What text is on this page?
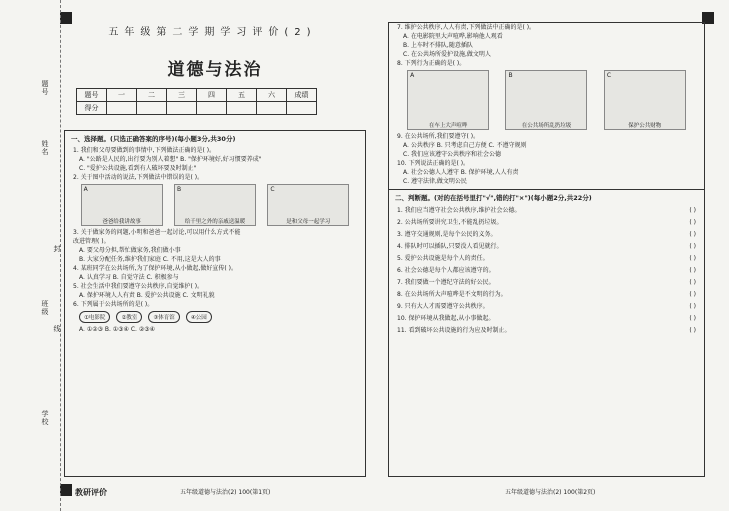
题号
姓名
班级
学校
封
线
五年级第二学期学习评价(2)
道德与法治
题号	一	二	三	四	五	六	成绩
得分							
一、选择题。(只选正确答案的序号)(每小题3分,共30分)
1. 我们和父母要做到的事情中,下列做法正确的是( )。
A. "公路是人民的,出行要为别人着想" B. "保护环境好,好习惯要养成"
C. "爱护公共设施,看到有人破坏要及时制止"
2. 关于图中活动的说法,下列做法中错误的是( )。
A
爸爸给我讲故事
B
给千里之外的亲戚送温暖
C
是和父母一起学习
3. 关于做家务的问题,小明和爸爸一起讨论,可以用什么方式不能
改进管理( )。
A. 要父母分担,帮忙做家务,我们做小事
B. 大家分配任务,维护我们家庭 C. 不用,这是大人的事
4. 某班同学在公共场所,为了保护环境,从小做起,做好宣传( )。
A. 认真学习 B. 自觉守法 C. 积极参与
5. 社会生活中我们要遵守公共秩序,自觉维护( )。
A. 保护环境人人有责 B. 爱护公共设施 C. 文明礼貌
6. 下列属于公共场所的是( )。
①电影院	②教室	③体育馆	④公园
A. ①②③ B. ①③④ C. ②③④
7. 维护公共秩序,人人有责,下列做法中正确的是( )。
A. 在电影院里大声喧哗,影响他人观看
B. 上车时不排队,随意插队
C. 在公共场所爱护设施,做文明人
8. 下列行为正确的是( )。
A
在车上大声喧哗
B
在公共场所乱扔垃圾
C
保护公共财物
9. 在公共场所,我们要遵守( )。
A. 公共秩序 B. 只考虑自己方便 C. 不遵守规则
C. 我们应该遵守公共秩序和社会公德
10. 下列说法正确的是( )。
A. 社会公德人人遵守 B. 保护环境,人人有责
C. 遵守法律,做文明公民
二、判断题。(对的在括号里打"√",错的打"×")(每小题2分,共22分)
1. 我们应当遵守社会公共秩序,维护社会公德。	( )
2. 公共场所要讲究卫生,不能乱扔垃圾。	( )
3. 遵守交通规则,是每个公民的义务。	( )
4. 排队时可以插队,只要没人看见就行。	( )
5. 爱护公共设施是每个人的责任。	( )
6. 社会公德是每个人都应该遵守的。	( )
7. 我们要做一个遵纪守法的好公民。	( )
8. 在公共场所大声喧哗是不文明的行为。	( )
9. 只有大人才需要遵守公共秩序。	( )
10. 保护环境从我做起,从小事做起。	( )
11. 看到破坏公共设施的行为应及时制止。	( )
教研评价	五年级道德与法治(2) 100(第1页)	五年级道德与法治(2) 100(第2页)
